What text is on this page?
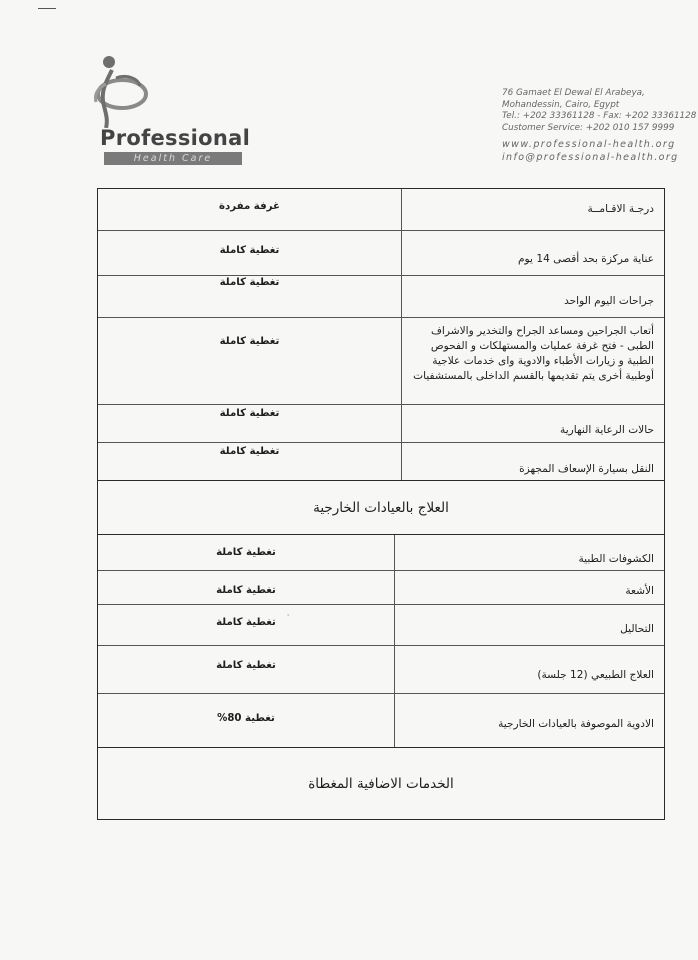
Professional
Health Care
76 Gamaet El Dewal El Arabeya,
Mohandessin, Cairo, Egypt
Tel.: +202 33361128 - Fax: +202 33361128
Customer Service: +202 010 157 9999
www.professional-health.org
info@professional-health.org
درجـة الاقـامــة
غرفة مفردة
عناية مركزة بحد أقصى 14 يوم
تغطية كاملة
جراحات اليوم الواحد
تغطية كاملة
أتعاب الجراحين ومساعد الجراح والتخدير والاشراف الطبى - فتح غرفة عمليات والمستهلكات و الفحوص الطبية و زيارات الأطباء والادوية واى خدمات علاجية أوطبية أخرى يتم تقديمها بالقسم الداخلى بالمستشفيات
تغطية كاملة
حالات الرعاية النهارية
تغطية كاملة
النقل بسيارة الإسعاف المجهزة
تغطية كاملة
العلاج بالعيادات الخارجية
الكشوفات الطبية
تغطية كاملة
الأشعة
تغطية كاملة
التحاليل
تغطية كاملة
العلاج الطبيعي (12 جلسة)
تغطية كاملة
الادوية الموصوفة بالعيادات الخارجية
تغطية 80%
الخدمات الاضافية المغطاة
'
